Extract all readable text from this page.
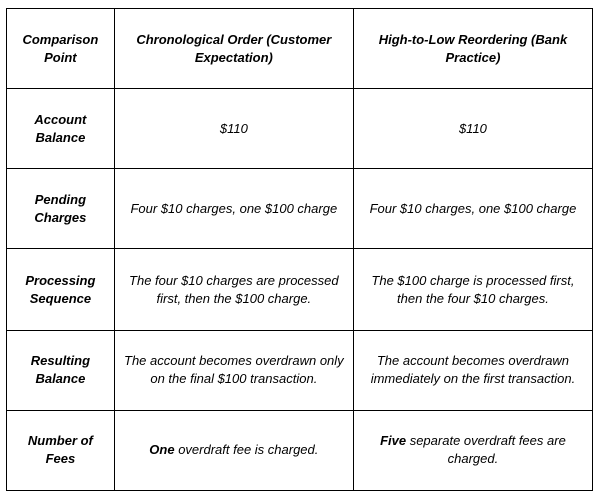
Comparison Point	Chronological Order (Customer Expectation)	High-to-Low Reordering (Bank Practice)
Account Balance	$110	$110
Pending Charges	Four $10 charges, one $100 charge	Four $10 charges, one $100 charge
Processing Sequence	The four $10 charges are processed first, then the $100 charge.	The $100 charge is processed first, then the four $10 charges.
Resulting Balance	The account becomes overdrawn only on the final $100 transaction.	The account becomes overdrawn immediately on the first transaction.
Number of Fees	One overdraft fee is charged.	Five separate overdraft fees are charged.
